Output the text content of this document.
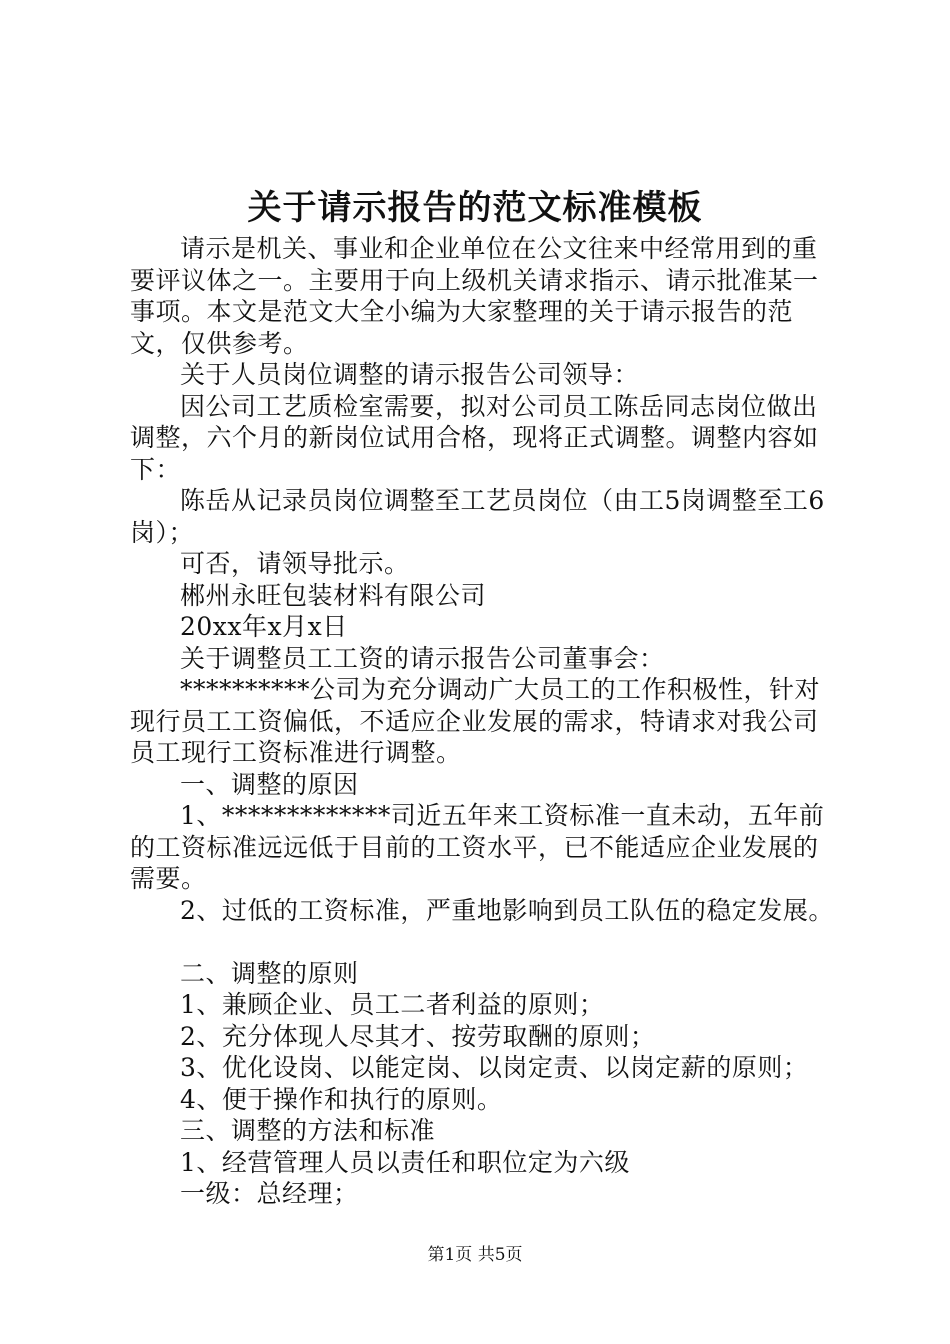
关于请示报告的范文标准模板

请示是机关、事业和企业单位在公文往来中经常用到的重要评议体之一。主要用于向上级机关请求指示、请示批准某一事项。本文是范文大全小编为大家整理的关于请示报告的范文，仅供参考。

关于人员岗位调整的请示报告公司领导：

因公司工艺质检室需要，拟对公司员工陈岳同志岗位做出调整，六个月的新岗位试用合格，现将正式调整。调整内容如下：

陈岳从记录员岗位调整至工艺员岗位（由工5岗调整至工6岗）；

可否，请领导批示。

郴州永旺包装材料有限公司

20xx年x月x日

关于调整员工工资的请示报告公司董事会：

**********公司为充分调动广大员工的工作积极性，针对现行员工工资偏低，不适应企业发展的需求，特请求对我公司员工现行工资标准进行调整。

一、调整的原因

1、*************司近五年来工资标准一直未动，五年前的工资标准远远低于目前的工资水平，已不能适应企业发展的需要。

2、过低的工资标准，严重地影响到员工队伍的稳定发展。

二、调整的原则

1、兼顾企业、员工二者利益的原则；

2、充分体现人尽其才、按劳取酬的原则；

3、优化设岗、以能定岗、以岗定责、以岗定薪的原则；

4、便于操作和执行的原则。

三、调整的方法和标准

1、经营管理人员以责任和职位定为六级

一级：总经理；

第1页 共5页
